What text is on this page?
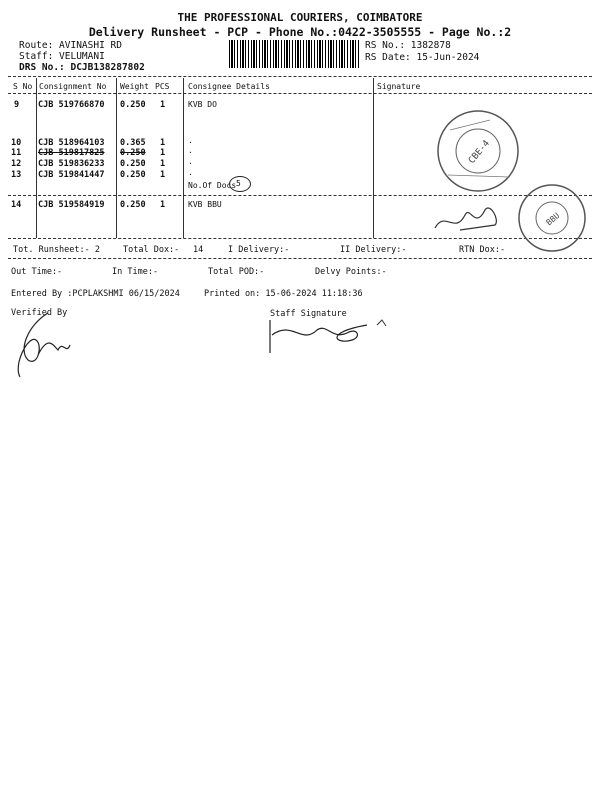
THE PROFESSIONAL COURIERS, COIMBATORE
Delivery Runsheet - PCP - Phone No.:0422-3505555 - Page No.:2
Route: AVINASHI RD
Staff: VELUMANI
DRS No.: DCJB138287802
RS No.: 1382878
RS Date: 15-Jun-2024
S No Consignment No Weight PCS Consignee Details	Signature
9 CJB 519766870 0.250 1	KVB DO
10 CJB 518964103 0.365 1	.
11 CJB 519817825 0.250 1	.
12 CJB 519836233 0.250 1	.
13 CJB 519841447 0.250 1	.
No.Of Docs 5
14 CJB 519584919 0.250 1	KVB BBU
CBE-4
BBU
Tot. Runsheet:- 2	Total Dox:- 14	I Delivery:-	II Delivery:-	RTN Dox:-
Out Time:-	In Time:-	Total POD:-	Delvy Points:-
Entered By :PCPLAKSHMI 06/15/2024	Printed on: 15-06-2024 11:18:36
Verified By	Staff Signature
